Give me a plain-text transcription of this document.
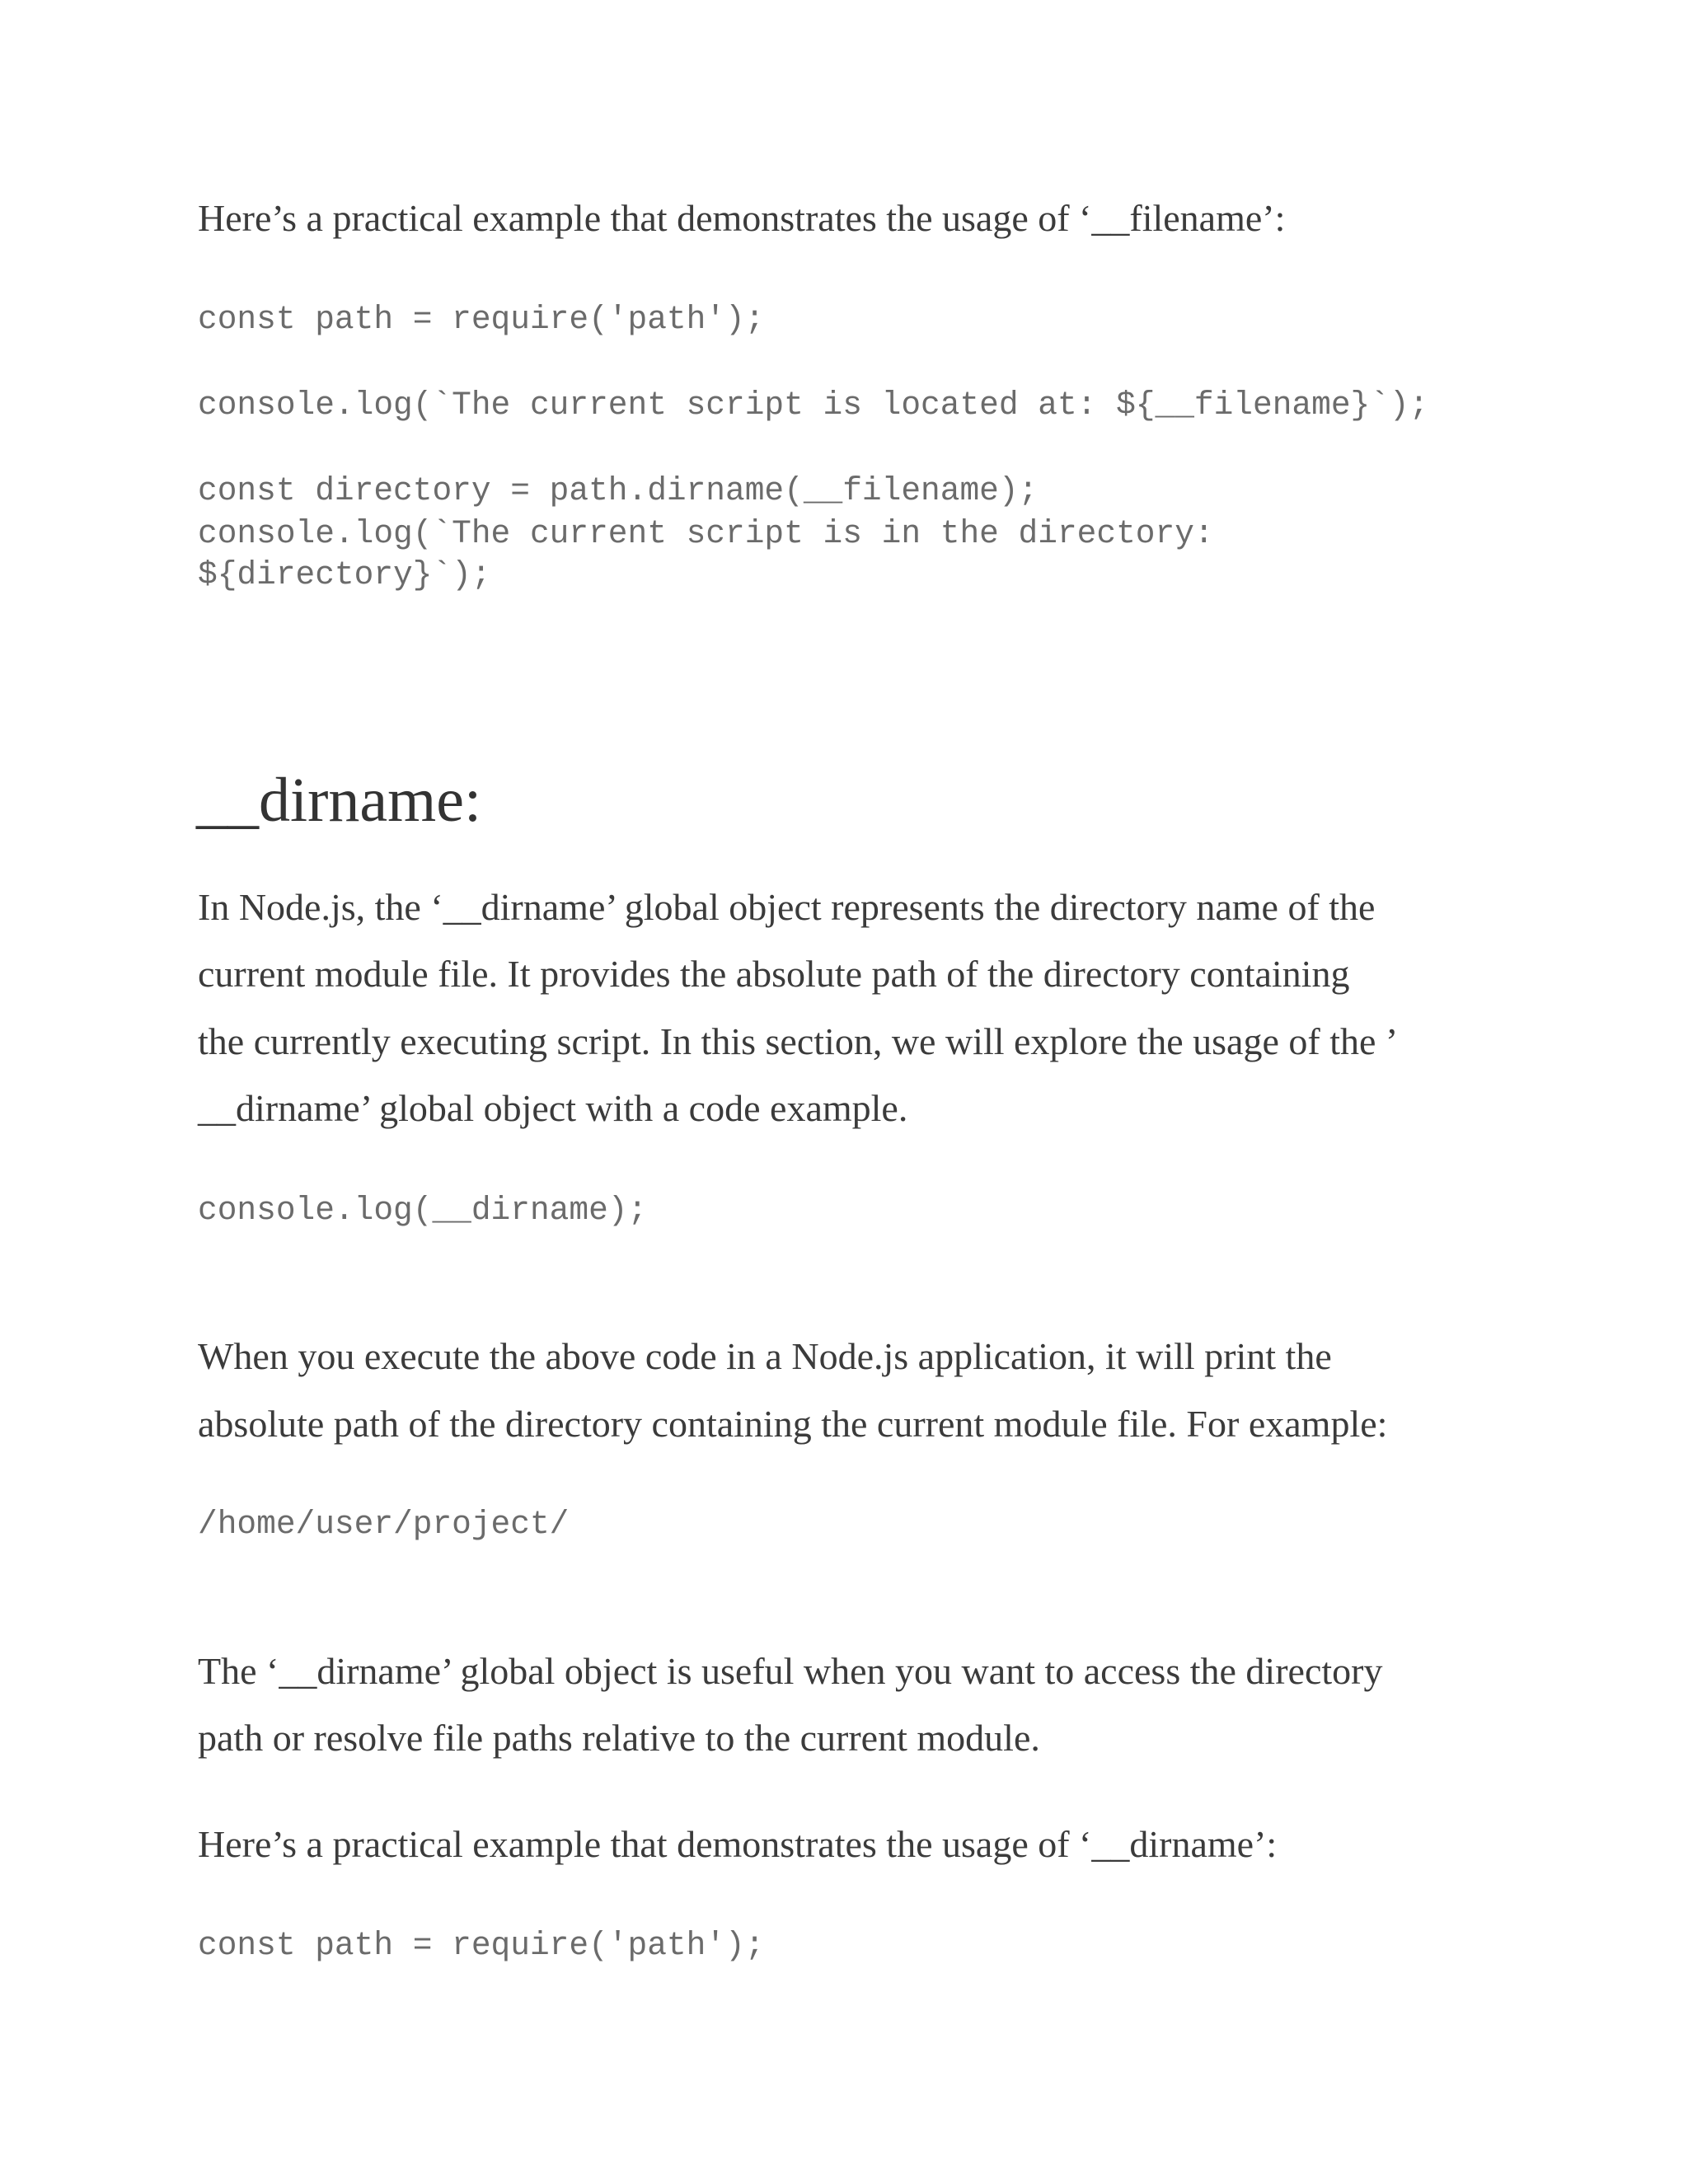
Here’s a practical example that demonstrates the usage of ‘__filename’:

const path = require('path');
console.log(`The current script is located at: ${__filename}`);
const directory = path.dirname(__filename);
console.log(`The current script is in the directory:
${directory}`);
__dirname:

In Node.js, the ‘__dirname’ global object represents the directory name of the

current module file. It provides the absolute path of the directory containing

the currently executing script. In this section, we will explore the usage of the ’

__dirname’ global object with a code example.

console.log(__dirname);

When you execute the above code in a Node.js application, it will print the

absolute path of the directory containing the current module file. For example:

/home/user/project/

The ‘__dirname’ global object is useful when you want to access the directory

path or resolve file paths relative to the current module.

Here’s a practical example that demonstrates the usage of ‘__dirname’:

const path = require('path');
